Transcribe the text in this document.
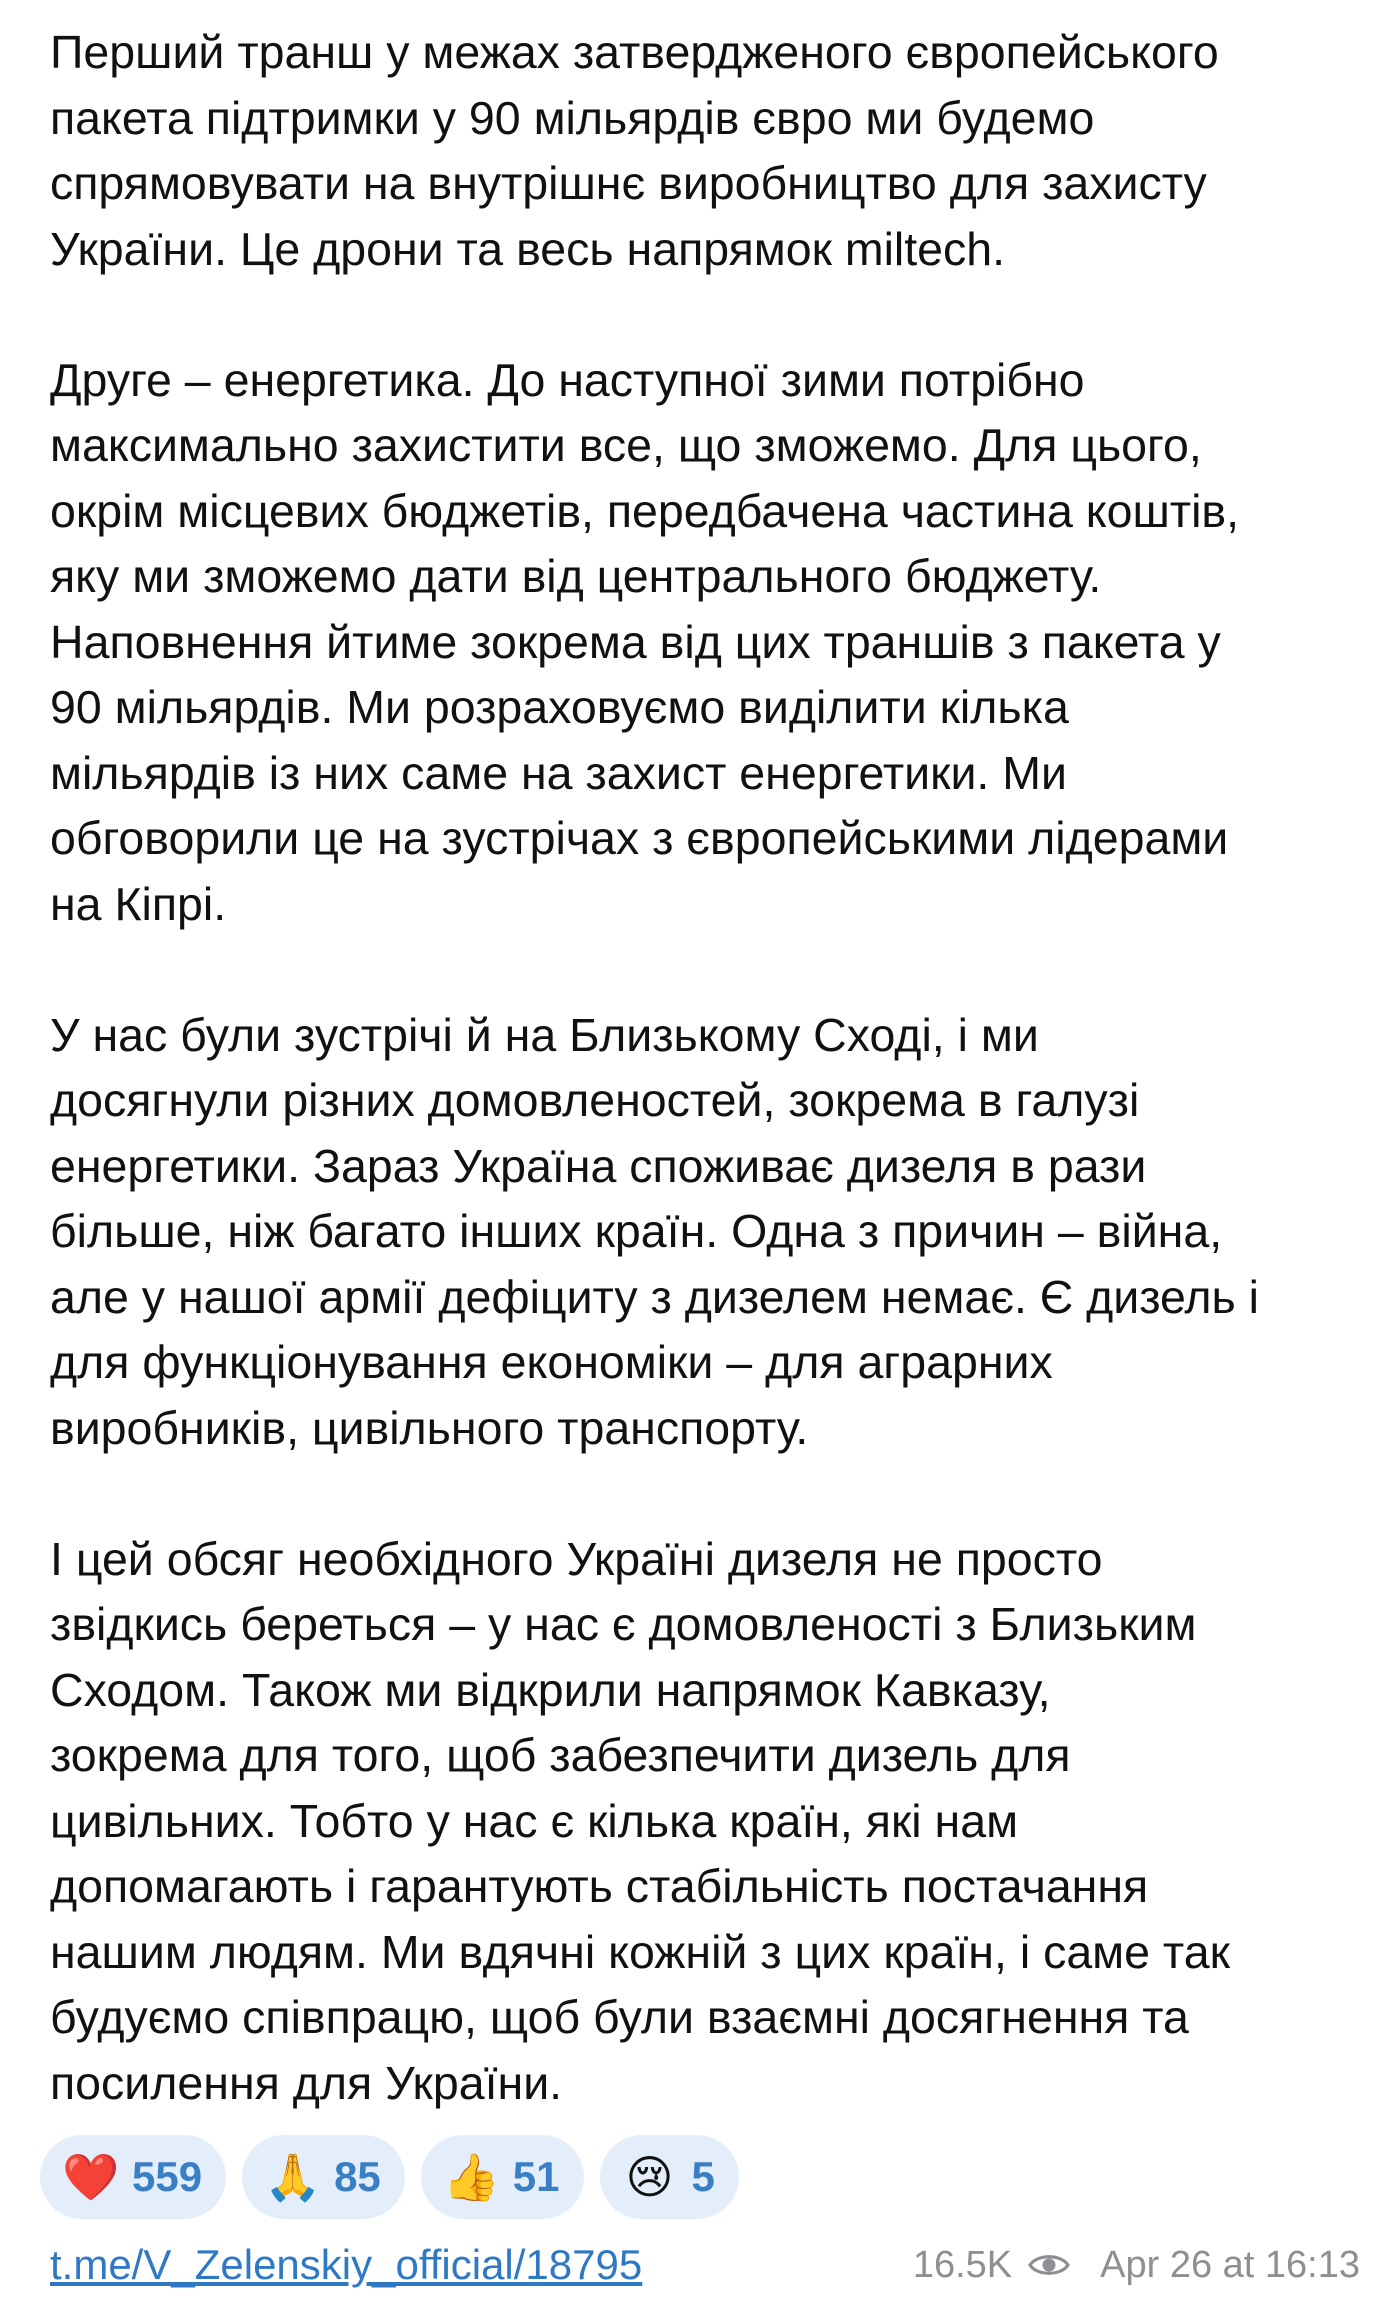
Перший транш у межах затвердженого європейського
пакета підтримки у 90 мільярдів євро ми будемо
спрямовувати на внутрішнє виробництво для захисту
України. Це дрони та весь напрямок miltech.

Друге – енергетика. До наступної зими потрібно
максимально захистити все, що зможемо. Для цього,
окрім місцевих бюджетів, передбачена частина коштів,
яку ми зможемо дати від центрального бюджету.
Наповнення йтиме зокрема від цих траншів з пакета у
90 мільярдів. Ми розраховуємо виділити кілька
мільярдів із них саме на захист енергетики. Ми
обговорили це на зустрічах з європейськими лідерами
на Кіпрі.

У нас були зустрічі й на Близькому Сході, і ми
досягнули різних домовленостей, зокрема в галузі
енергетики. Зараз Україна споживає дизеля в рази
більше, ніж багато інших країн. Одна з причин – війна,
але у нашої армії дефіциту з дизелем немає. Є дизель і
для функціонування економіки – для аграрних
виробників, цивільного транспорту.

І цей обсяг необхідного Україні дизеля не просто
звідкись береться – у нас є домовленості з Близьким
Сходом. Також ми відкрили напрямок Кавказу,
зокрема для того, щоб забезпечити дизель для
цивільних. Тобто у нас є кілька країн, які нам
допомагають і гарантують стабільність постачання
нашим людям. Ми вдячні кожній з цих країн, і саме так
будуємо співпрацю, щоб були взаємні досягнення та
посилення для України.

❤️ 559 🙏 85 👍 51 😢 5
t.me/V_Zelenskiy_official/18795	16.5K Apr 26 at 16:13
